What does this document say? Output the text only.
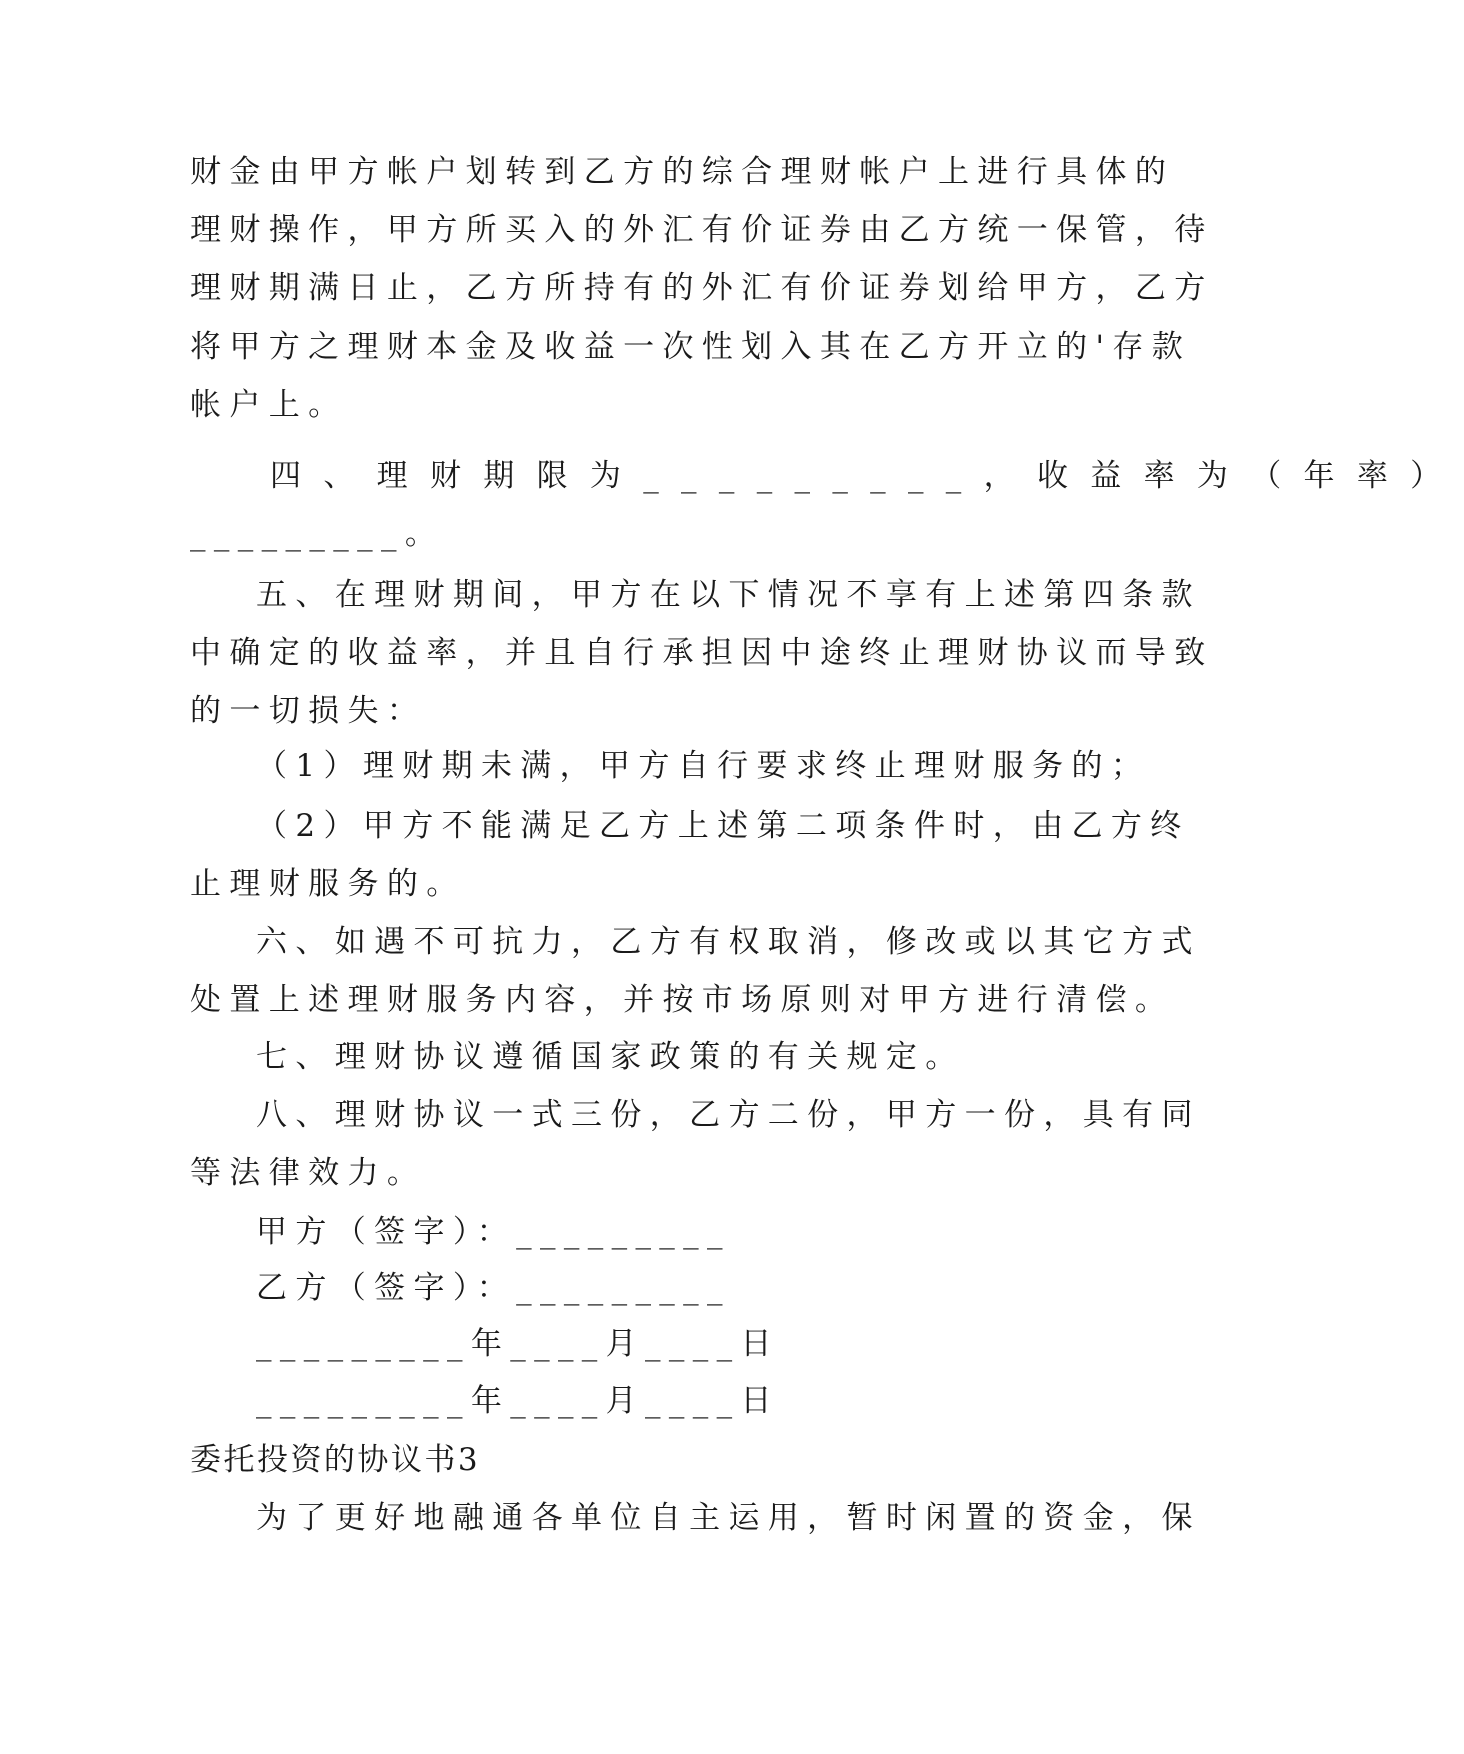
财金由甲方帐户划转到乙方的综合理财帐户上进行具体的
理财操作，甲方所买入的外汇有价证券由乙方统一保管，待
理财期满日止，乙方所持有的外汇有价证券划给甲方，乙方
将甲方之理财本金及收益一次性划入其在乙方开立的'存款
帐户上。
四、理财期限为_________，收益率为（年率）
_________。
五、在理财期间，甲方在以下情况不享有上述第四条款
中确定的收益率，并且自行承担因中途终止理财协议而导致
的一切损失：
（1）理财期未满，甲方自行要求终止理财服务的；
（2）甲方不能满足乙方上述第二项条件时，由乙方终
止理财服务的。
六、如遇不可抗力，乙方有权取消，修改或以其它方式
处置上述理财服务内容，并按市场原则对甲方进行清偿。
七、理财协议遵循国家政策的有关规定。
八、理财协议一式三份，乙方二份，甲方一份，具有同
等法律效力。
甲方（签字）：_________
乙方（签字）：_________
_________年____月____日
_________年____月____日
委托投资的协议书3
为了更好地融通各单位自主运用，暂时闲置的资金，保
